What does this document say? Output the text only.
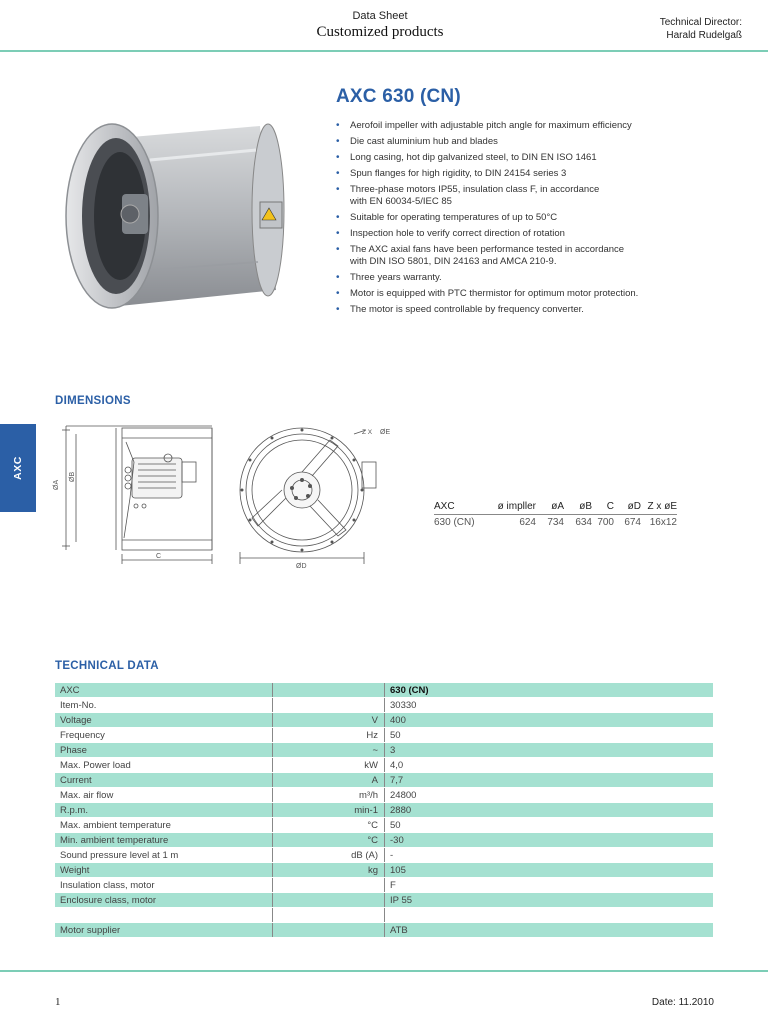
Data Sheet
Customized products
Technical Director:
Harald Rudelgaß
AXC 630 (CN)
• Aerofoil impeller with adjustable pitch angle for maximum efficiency
• Die cast aluminium hub and blades
• Long casing, hot dip galvanized steel, to DIN EN ISO 1461
• Spun flanges for high rigidity, to DIN 24154 series 3
• Three-phase motors IP55, insulation class F, in accordance
with EN 60034-5/IEC 85
• Suitable for operating temperatures of up to 50°C
• Inspection hole to verify correct direction of rotation
• The AXC axial fans have been performance tested in accordance
with DIN ISO 5801, DIN 24163 and AMCA 210-9.
• Three years warranty.
• Motor is equipped with PTC thermistor for optimum motor protection.
• The motor is speed controllable by frequency converter.
DIMENSIONS
AXC
ØA
ØB
C
Z X ØE
ØD
AXC	ø impller	øA	øB	C	øD	Z x øE
630 (CN)	624	734	634	700	674	16x12
TECHNICAL DATA
AXC		630 (CN)
Item-No.		30330
Voltage	V	400
Frequency	Hz	50
Phase	~	3
Max. Power load	kW	4,0
Current	A	7,7
Max. air flow	m³/h	24800
R.p.m.	min-1	2880
Max. ambient temperature	°C	50
Min. ambient temperature	°C	-30
Sound pressure level at 1 m	dB (A)	-
Weight	kg	105
Insulation class, motor		F
Enclosure class, motor		IP 55

Motor supplier		ATB
1	Date: 11.2010
